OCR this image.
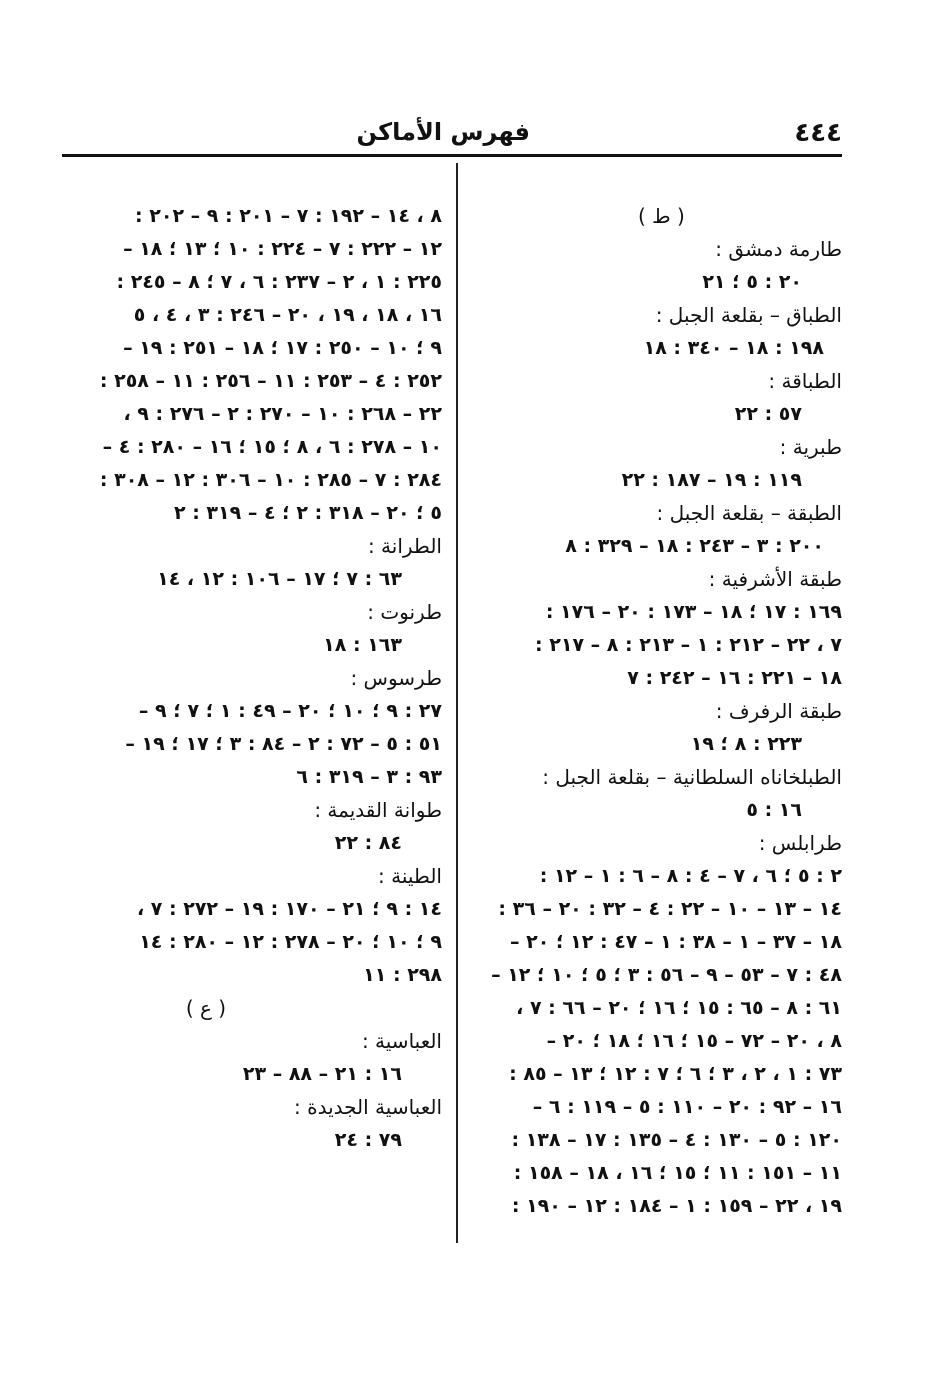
٤٤٤
فهرس الأماكن
( ط )
طارمة دمشق :
٢٠ : ٥ ؛ ٢١
الطباق – بقلعة الجبل :
١٩٨ : ١٨ – ٣٤٠ : ١٨
الطباقة :
٥٧ : ٢٢
طبرية :
١١٩ : ١٩ – ١٨٧ : ٢٢
الطبقة – بقلعة الجبل :
٢٠٠ : ٣ – ٢٤٣ : ١٨ – ٣٢٩ : ٨
طبقة الأشرفية :
١٦٩ : ١٧ ؛ ١٨ – ١٧٣ : ٢٠ – ١٧٦ :
٧ ، ٢٢ – ٢١٢ : ١ – ٢١٣ : ٨ – ٢١٧ :
١٨ – ٢٢١ : ١٦ – ٢٤٢ : ٧
طبقة الرفرف :
٢٢٣ : ٨ ؛ ١٩
الطبلخاناه السلطانية – بقلعة الجبل :
١٦ : ٥
طرابلس :
٢ : ٥ ؛ ٦ ، ٧ – ٤ : ٨ – ٦ : ١ – ١٢ :
١٤ – ١٣ – ١٠ – ٢٢ : ٤ – ٣٢ : ٢٠ – ٣٦ :
١٨ – ٣٧ – ١ – ٣٨ : ١ – ٤٧ : ١٢ ؛ ٢٠ –
٤٨ : ٧ – ٥٣ – ٩ – ٥٦ : ٣ ؛ ٥ ؛ ١٠ ؛ ١٢ –
٦١ : ٨ – ٦٥ : ١٥ ؛ ١٦ ؛ ٢٠ – ٦٦ : ٧ ،
٨ ، ٢٠ – ٧٢ – ١٥ ؛ ١٦ ؛ ١٨ ؛ ٢٠ –
٧٣ : ١ ، ٢ ، ٣ ؛ ٦ ؛ ٧ : ١٢ ؛ ١٣ – ٨٥ :
١٦ – ٩٢ : ٢٠ – ١١٠ : ٥ – ١١٩ : ٦ –
١٢٠ : ٥ – ١٣٠ : ٤ – ١٣٥ : ١٧ – ١٣٨ :
١١ – ١٥١ : ١١ ؛ ١٥ ؛ ١٦ ، ١٨ – ١٥٨ :
١٩ ، ٢٢ – ١٥٩ : ١ – ١٨٤ : ١٢ – ١٩٠ :
٨ ، ١٤ – ١٩٢ : ٧ – ٢٠١ : ٩ – ٢٠٢ :
١٢ – ٢٢٢ : ٧ – ٢٢٤ : ١٠ ؛ ١٣ ؛ ١٨ –
٢٢٥ : ١ ، ٢ – ٢٣٧ : ٦ ، ٧ ؛ ٨ – ٢٤٥ :
١٦ ، ١٨ ، ١٩ ، ٢٠ – ٢٤٦ : ٣ ، ٤ ، ٥
٩ ؛ ١٠ – ٢٥٠ : ١٧ ؛ ١٨ – ٢٥١ : ١٩ –
٢٥٢ : ٤ – ٢٥٣ : ١١ – ٢٥٦ : ١١ – ٢٥٨ :
٢٢ – ٢٦٨ : ١٠ – ٢٧٠ : ٢ – ٢٧٦ : ٩ ،
١٠ – ٢٧٨ : ٦ ، ٨ ؛ ١٥ ؛ ١٦ – ٢٨٠ : ٤ –
٢٨٤ : ٧ – ٢٨٥ : ١٠ – ٣٠٦ : ١٢ – ٣٠٨ :
٥ ؛ ٢٠ – ٣١٨ : ٢ ؛ ٤ – ٣١٩ : ٢
الطرانة :
٦٣ : ٧ ؛ ١٧ – ١٠٦ : ١٢ ، ١٤
طرنوت :
١٦٣ : ١٨
طرسوس :
٢٧ : ٩ ؛ ١٠ ؛ ٢٠ – ٤٩ : ١ ؛ ٧ ؛ ٩ –
٥١ : ٥ – ٧٢ : ٢ – ٨٤ : ٣ ؛ ١٧ ؛ ١٩ –
٩٣ : ٣ – ٣١٩ : ٦
طوانة القديمة :
٨٤ : ٢٢
الطينة :
١٤ : ٩ ؛ ٢١ – ١٧٠ : ١٩ – ٢٧٢ : ٧ ،
٩ ؛ ١٠ ؛ ٢٠ – ٢٧٨ : ١٢ – ٢٨٠ : ١٤
٢٩٨ : ١١
( ع )
العباسية :
١٦ : ٢١ – ٨٨ – ٢٣
العباسية الجديدة :
٧٩ : ٢٤
